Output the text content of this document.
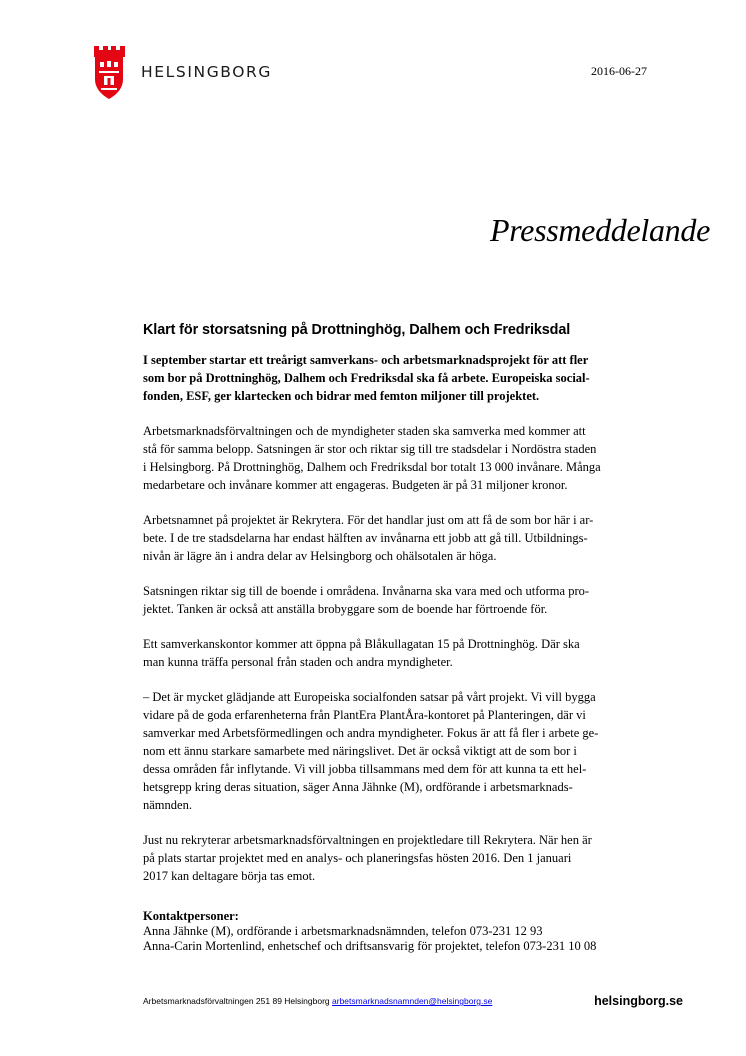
HELSINGBORG	2016-06-27
Pressmeddelande
Klart för storsatsning på Drottninghög, Dalhem och Fredriksdal

I september startar ett treårigt samverkans- och arbetsmarknadsprojekt för att fler
som bor på Drottninghög, Dalhem och Fredriksdal ska få arbete. Europeiska social-
fonden, ESF, ger klartecken och bidrar med femton miljoner till projektet.

Arbetsmarknadsförvaltningen och de myndigheter staden ska samverka med kommer att
stå för samma belopp. Satsningen är stor och riktar sig till tre stadsdelar i Nordöstra staden
i Helsingborg. På Drottninghög, Dalhem och Fredriksdal bor totalt 13 000 invånare. Många
medarbetare och invånare kommer att engageras. Budgeten är på 31 miljoner kronor.

Arbetsnamnet på projektet är Rekrytera. För det handlar just om att få de som bor här i ar-
bete. I de tre stadsdelarna har endast hälften av invånarna ett jobb att gå till. Utbildnings-
nivån är lägre än i andra delar av Helsingborg och ohälsotalen är höga.

Satsningen riktar sig till de boende i områdena. Invånarna ska vara med och utforma pro-
jektet. Tanken är också att anställa brobyggare som de boende har förtroende för.

Ett samverkanskontor kommer att öppna på Blåkullagatan 15 på Drottninghög. Där ska
man kunna träffa personal från staden och andra myndigheter.

– Det är mycket glädjande att Europeiska socialfonden satsar på vårt projekt. Vi vill bygga
vidare på de goda erfarenheterna från PlantEra PlantÅra-kontoret på Planteringen, där vi
samverkar med Arbetsförmedlingen och andra myndigheter. Fokus är att få fler i arbete ge-
nom ett ännu starkare samarbete med näringslivet. Det är också viktigt att de som bor i
dessa områden får inflytande. Vi vill jobba tillsammans med dem för att kunna ta ett hel-
hetsgrepp kring deras situation, säger Anna Jähnke (M), ordförande i arbetsmarknads-
nämnden.

Just nu rekryterar arbetsmarknadsförvaltningen en projektledare till Rekrytera. När hen är
på plats startar projektet med en analys- och planeringsfas hösten 2016. Den 1 januari
2017 kan deltagare börja tas emot.

Kontaktpersoner:
Anna Jähnke (M), ordförande i arbetsmarknadsnämnden, telefon 073-231 12 93
Anna-Carin Mortenlind, enhetschef och driftsansvarig för projektet, telefon 073-231 10 08
Arbetsmarknadsförvaltningen 251 89 Helsingborg arbetsmarknadsnamnden@helsingborg.se	helsingborg.se
